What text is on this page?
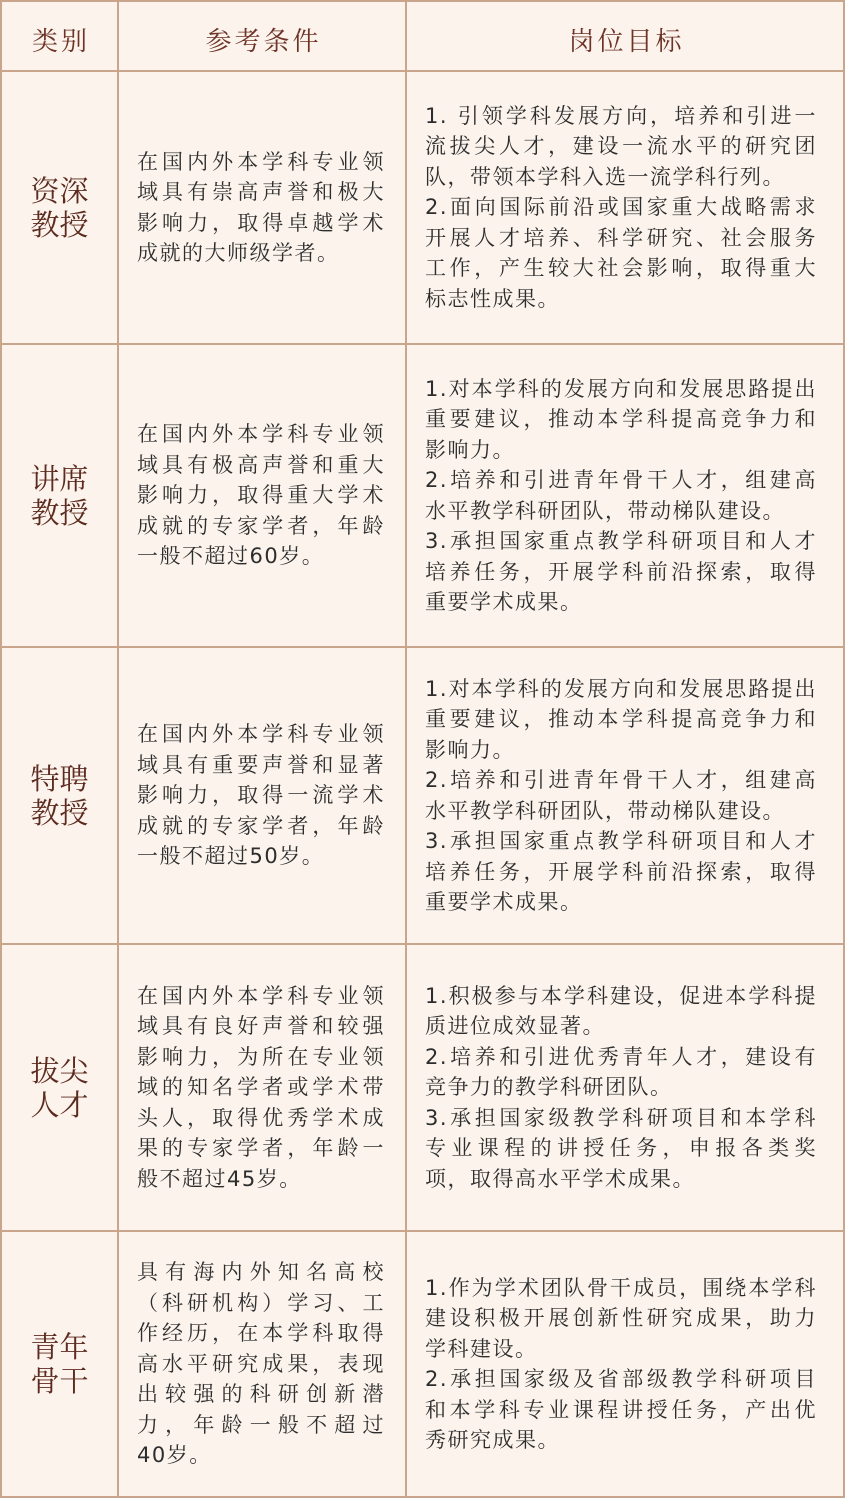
类别	参考条件	岗位目标
资深
教授
在国内外本学科专业领
域具有崇高声誉和极大
影响力，取得卓越学术
成就的大师级学者。
1. 引领学科发展方向，培养和引进一
流拔尖人才，建设一流水平的研究团
队，带领本学科入选一流学科行列。
2.面向国际前沿或国家重大战略需求
开展人才培养、科学研究、社会服务
工作，产生较大社会影响，取得重大
标志性成果。
讲席
教授
在国内外本学科专业领
域具有极高声誉和重大
影响力，取得重大学术
成就的专家学者，年龄
一般不超过60岁。
1.对本学科的发展方向和发展思路提出
重要建议，推动本学科提高竞争力和
影响力。
2.培养和引进青年骨干人才，组建高
水平教学科研团队，带动梯队建设。
3.承担国家重点教学科研项目和人才
培养任务，开展学科前沿探索，取得
重要学术成果。
特聘
教授
在国内外本学科专业领
域具有重要声誉和显著
影响力，取得一流学术
成就的专家学者，年龄
一般不超过50岁。
1.对本学科的发展方向和发展思路提出
重要建议，推动本学科提高竞争力和
影响力。
2.培养和引进青年骨干人才，组建高
水平教学科研团队，带动梯队建设。
3.承担国家重点教学科研项目和人才
培养任务，开展学科前沿探索，取得
重要学术成果。
拔尖
人才
在国内外本学科专业领
域具有良好声誉和较强
影响力，为所在专业领
域的知名学者或学术带
头人，取得优秀学术成
果的专家学者，年龄一
般不超过45岁。
1.积极参与本学科建设，促进本学科提
质进位成效显著。
2.培养和引进优秀青年人才，建设有
竞争力的教学科研团队。
3.承担国家级教学科研项目和本学科
专业课程的讲授任务，申报各类奖
项，取得高水平学术成果。
青年
骨干
具有海内外知名高校
（科研机构）学习、工
作经历，在本学科取得
高水平研究成果，表现
出较强的科研创新潜
力，年龄一般不超过
40岁。
1.作为学术团队骨干成员，围绕本学科
建设积极开展创新性研究成果，助力
学科建设。
2.承担国家级及省部级教学科研项目
和本学科专业课程讲授任务，产出优
秀研究成果。
